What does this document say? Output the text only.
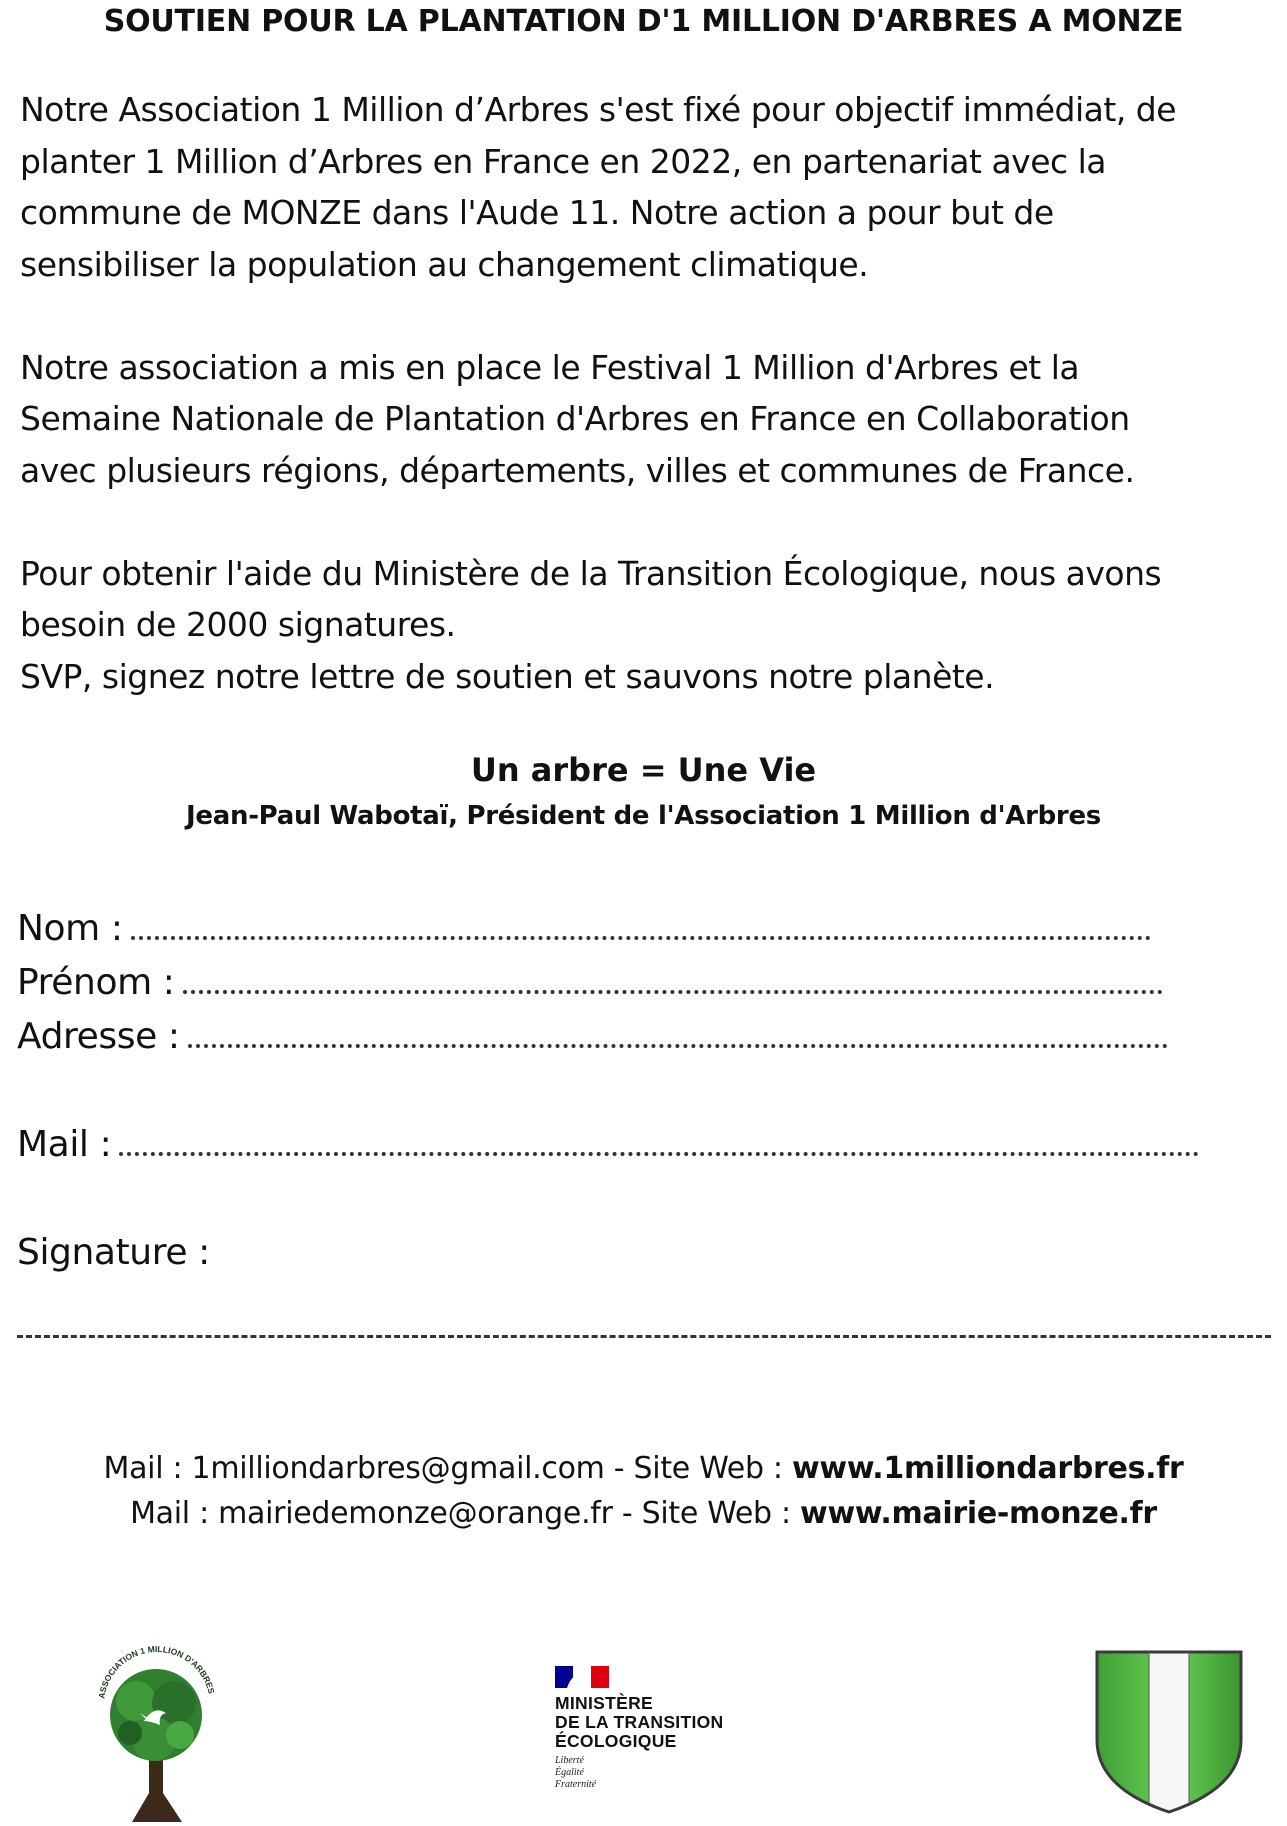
SOUTIEN POUR LA PLANTATION D'1 MILLION D'ARBRES A MONZE

Notre Association 1 Million d’Arbres s'est fixé pour objectif immédiat, de
planter 1 Million d’Arbres en France en 2022, en partenariat avec la
commune de MONZE dans l'Aude 11. Notre action a pour but de
sensibiliser la population au changement climatique.

Notre association a mis en place le Festival 1 Million d'Arbres et la
Semaine Nationale de Plantation d'Arbres en France en Collaboration
avec plusieurs régions, départements, villes et communes de France.

Pour obtenir l'aide du Ministère de la Transition Écologique, nous avons
besoin de 2000 signatures.
SVP, signez notre lettre de soutien et sauvons notre planète.

Un arbre = Une Vie
Jean-Paul Wabotaï, Président de l'Association 1 Million d'Arbres
Nom :
Prénom :
Adresse :
Mail :
Signature :
Mail : 1milliondarbres@gmail.com - Site Web : www.1milliondarbres.fr
Mail : mairiedemonze@orange.fr - Site Web : www.mairie-monze.fr
ASSOCIATION 1 MILLION D'ARBRES
MINISTÈRE
DE LA TRANSITION
ÉCOLOGIQUE
Liberté
Égalité
Fraternité
